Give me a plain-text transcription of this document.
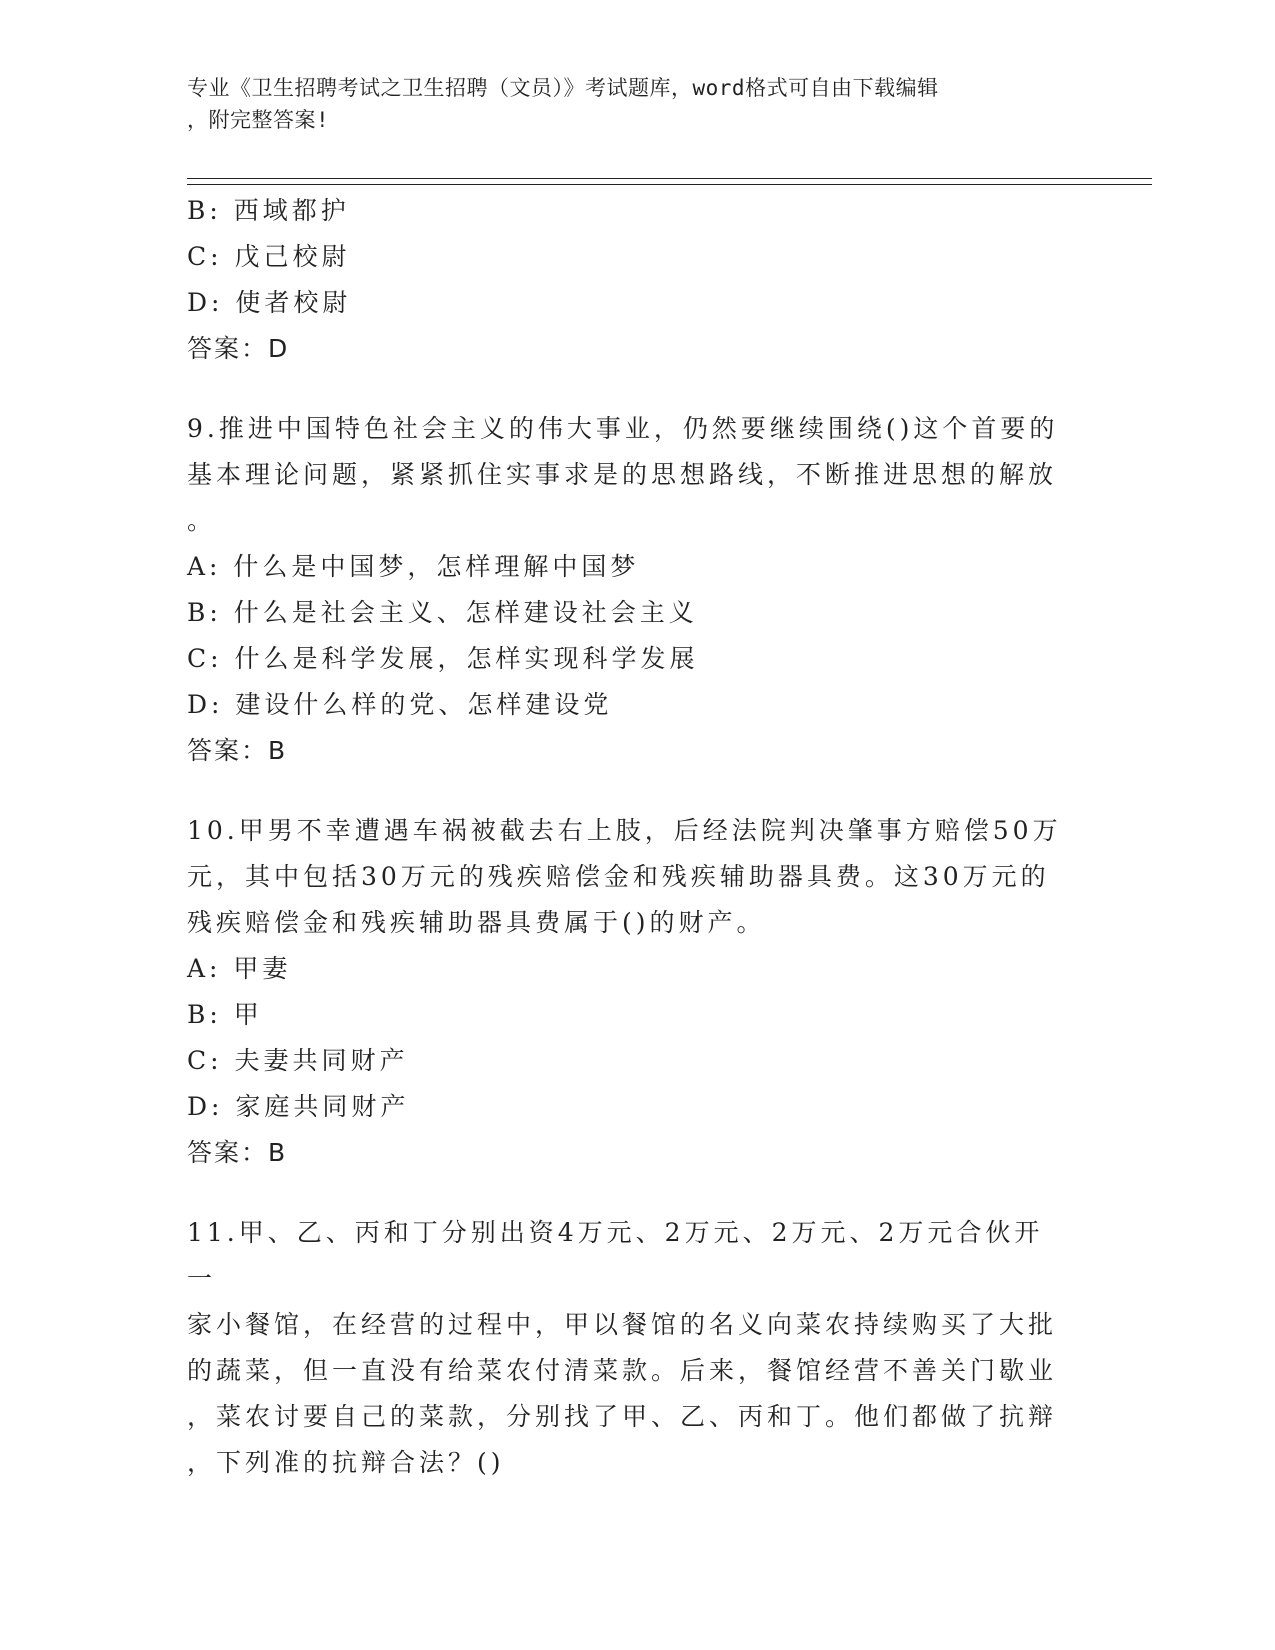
专业《卫生招聘考试之卫生招聘（文员）》考试题库，word格式可自由下载编辑
，附完整答案!
B: 西域都护
C: 戊己校尉
D: 使者校尉
答案：D
9.推进中国特色社会主义的伟大事业，仍然要继续围绕()这个首要的
基本理论问题，紧紧抓住实事求是的思想路线，不断推进思想的解放
。
A: 什么是中国梦，怎样理解中国梦
B: 什么是社会主义、怎样建设社会主义
C: 什么是科学发展，怎样实现科学发展
D: 建设什么样的党、怎样建设党
答案：B
10.甲男不幸遭遇车祸被截去右上肢，后经法院判决肇事方赔偿50万
元，其中包括30万元的残疾赔偿金和残疾辅助器具费。这30万元的
残疾赔偿金和残疾辅助器具费属于()的财产。
A: 甲妻
B: 甲
C: 夫妻共同财产
D: 家庭共同财产
答案：B
11.甲、乙、丙和丁分别出资4万元、2万元、2万元、2万元合伙开一
家小餐馆，在经营的过程中，甲以餐馆的名义向菜农持续购买了大批
的蔬菜，但一直没有给菜农付清菜款。后来，餐馆经营不善关门歇业
，菜农讨要自己的菜款，分别找了甲、乙、丙和丁。他们都做了抗辩
，下列准的抗辩合法？()
